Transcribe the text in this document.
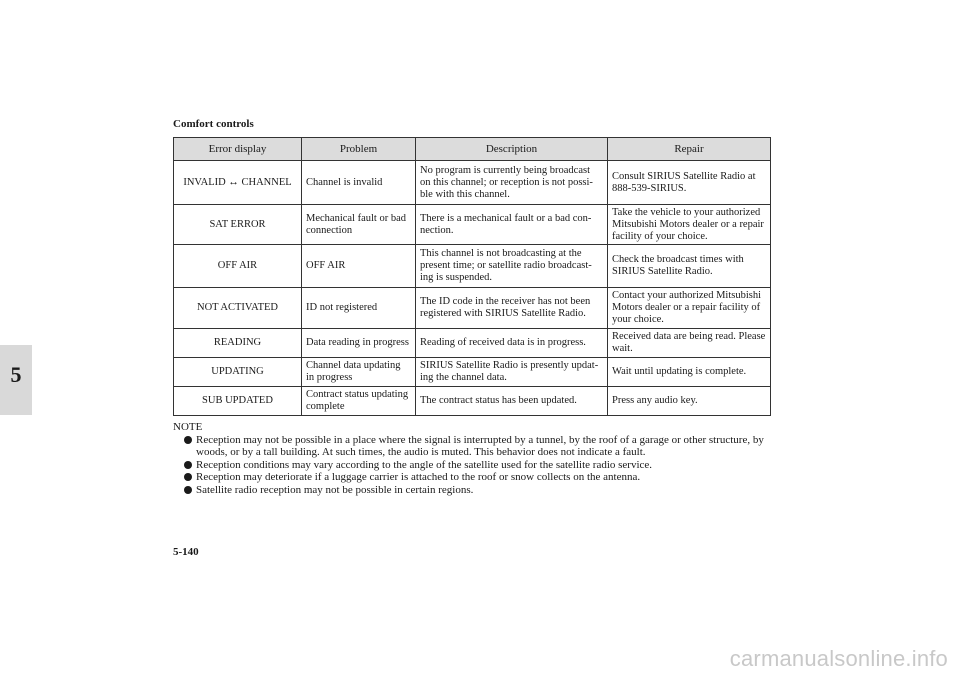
Comfort controls
5
Error display	Problem	Description	Repair
INVALID ↔ CHANNEL	Channel is invalid	No program is currently being broadcast on this channel; or reception is not possi-ble with this channel.	Consult SIRIUS Satellite Radio at 888-539-SIRIUS.
SAT ERROR	Mechanical fault or bad connection	There is a mechanical fault or a bad con-nection.	Take the vehicle to your authorized Mitsubishi Motors dealer or a repair facility of your choice.
OFF AIR	OFF AIR	This channel is not broadcasting at the present time; or satellite radio broadcast-ing is suspended.	Check the broadcast times with SIRIUS Satellite Radio.
NOT ACTIVATED	ID not registered	The ID code in the receiver has not been registered with SIRIUS Satellite Radio.	Contact your authorized Mitsubishi Motors dealer or a repair facility of your choice.
READING	Data reading in progress	Reading of received data is in progress.	Received data are being read. Please wait.
UPDATING	Channel data updating in progress	SIRIUS Satellite Radio is presently updat-ing the channel data.	Wait until updating is complete.
SUB UPDATED	Contract status updating complete	The contract status has been updated.	Press any audio key.
NOTE
Reception may not be possible in a place where the signal is interrupted by a tunnel, by the roof of a garage or other structure, by woods, or by a tall building. At such times, the audio is muted. This behavior does not indicate a fault.
Reception conditions may vary according to the angle of the satellite used for the satellite radio service.
Reception may deteriorate if a luggage carrier is attached to the roof or snow collects on the antenna.
Satellite radio reception may not be possible in certain regions.
5-140
carmanualsonline.info
